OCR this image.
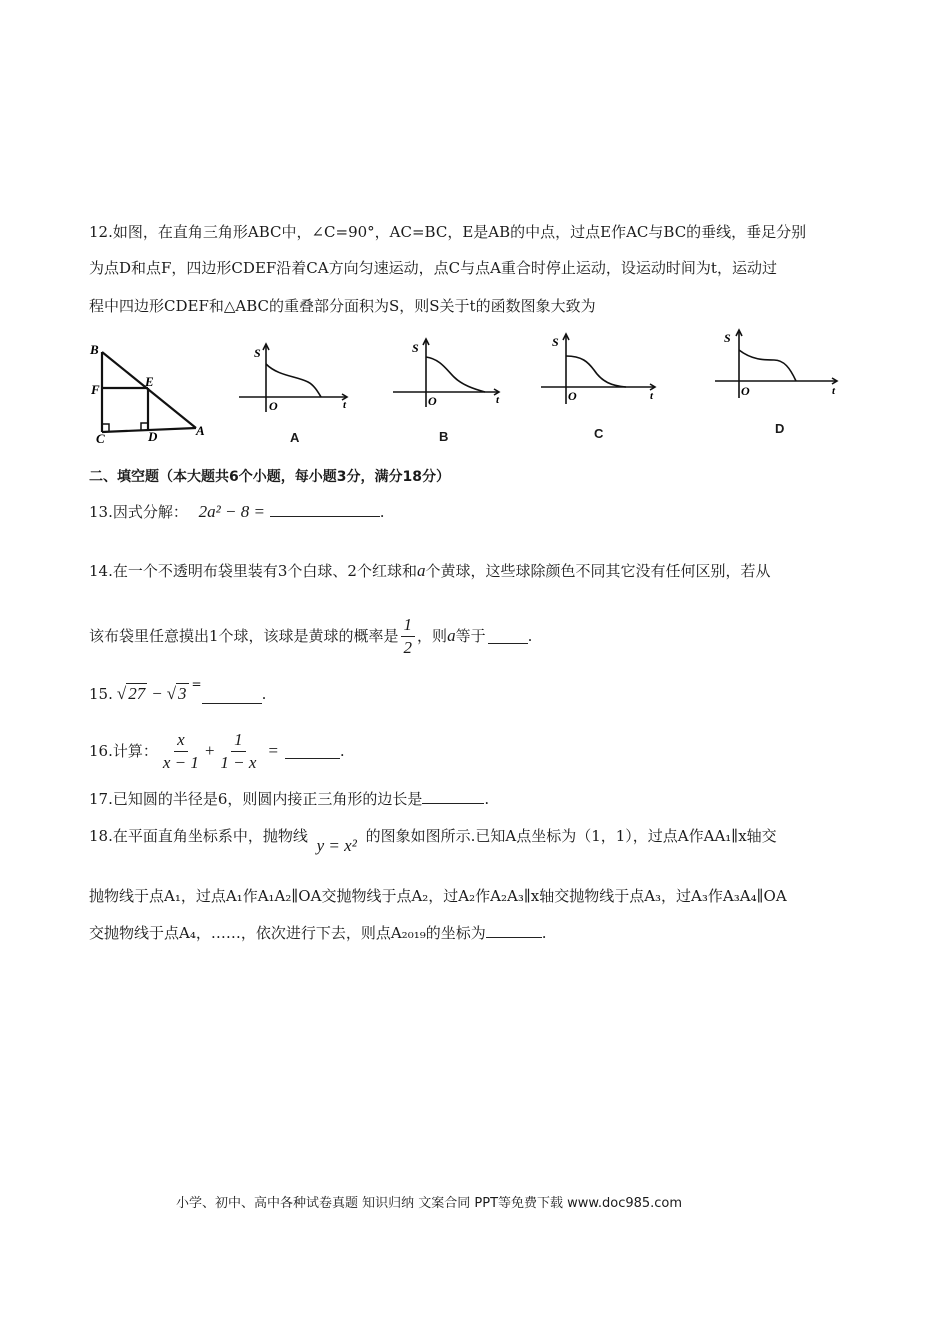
12.如图，在直角三角形ABC中，∠C=90°，AC=BC，E是AB的中点，过点E作AC与BC的垂线，垂足分别
为点D和点F，四边形CDEF沿着CA方向匀速运动，点C与点A重合时停止运动，设运动时间为t，运动过
程中四边形CDEF和△ABC的重叠部分面积为S，则S关于t的函数图象大致为
B
F
E
C	D	A
S
O	t
A
S
O	t
B
S
O	t
C
S
O	t
D
二、填空题（本大题共6个小题，每小题3分，满分18分）
13.因式分解： 2a² − 8 =	.
14.在一个不透明布袋里装有3个白球、2个红球和a个黄球，这些球除颜色不同其它没有任何区别，若从
该布袋里任意摸出1个球，该球是黄球的概率是 $\frac{1}{2}$ ，则 a 等于	.
15. √ 27 − √ 3 =
.
16.计算： $\frac{x}{x - 1} + \frac{1}{1 - x}$ =	.
17.已知圆的半径是6，则圆内接正三角形的边长是	.
18.在平面直角坐标系中，抛物线 y = x² 的图象如图所示.已知A点坐标为（1，1），过点A作AA₁∥x轴交
抛物线于点A₁，过点A₁作A₁A₂∥OA交抛物线于点A₂，过A₂作A₂A₃∥x轴交抛物线于点A₃，过A₃作A₃A₄∥OA
交抛物线于点A₄，……，依次进行下去，则点A₂₀₁₉的坐标为	.
小学、初中、高中各种试卷真题 知识归纳 文案合同 PPT等免费下载 www.doc985.com
